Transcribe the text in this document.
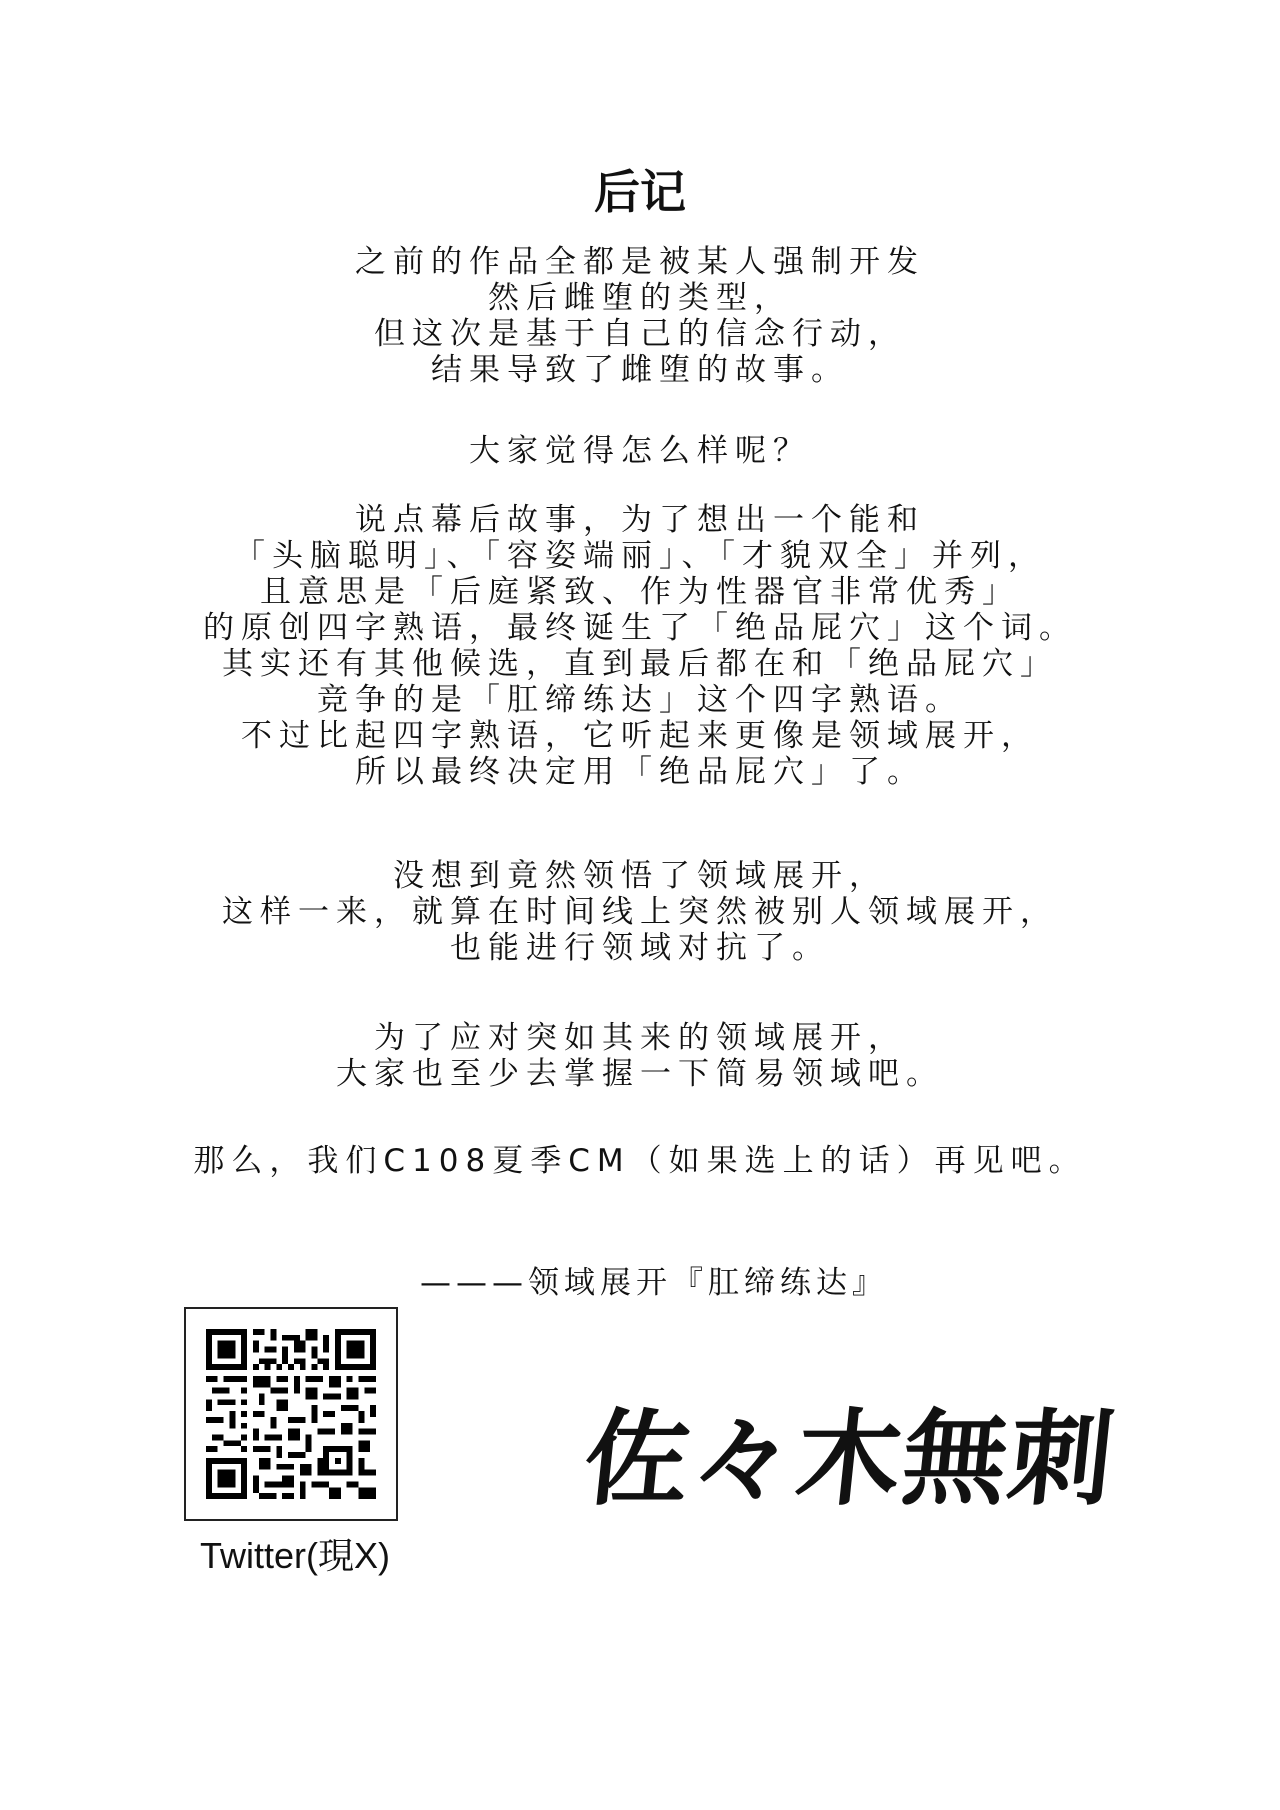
后记
之前的作品全都是被某人强制开发
然后雌堕的类型，
但这次是基于自己的信念行动，
结果导致了雌堕的故事。
大家觉得怎么样呢？
说点幕后故事，为了想出一个能和
「头脑聪明」、「容姿端丽」、「才貌双全」并列，
且意思是「后庭紧致、作为性器官非常优秀」
的原创四字熟语，最终诞生了「绝品屁穴」这个词。
其实还有其他候选，直到最后都在和「绝品屁穴」
竞争的是「肛缔练达」这个四字熟语。
不过比起四字熟语，它听起来更像是领域展开，
所以最终决定用「绝品屁穴」了。
没想到竟然领悟了领域展开，
这样一来，就算在时间线上突然被别人领域展开，
也能进行领域对抗了。
为了应对突如其来的领域展开，
大家也至少去掌握一下简易领域吧。
那么，我们C108夏季CM（如果选上的话）再见吧。
———领域展开『肛缔练达』
Twitter(現X)
佐々木無刺
